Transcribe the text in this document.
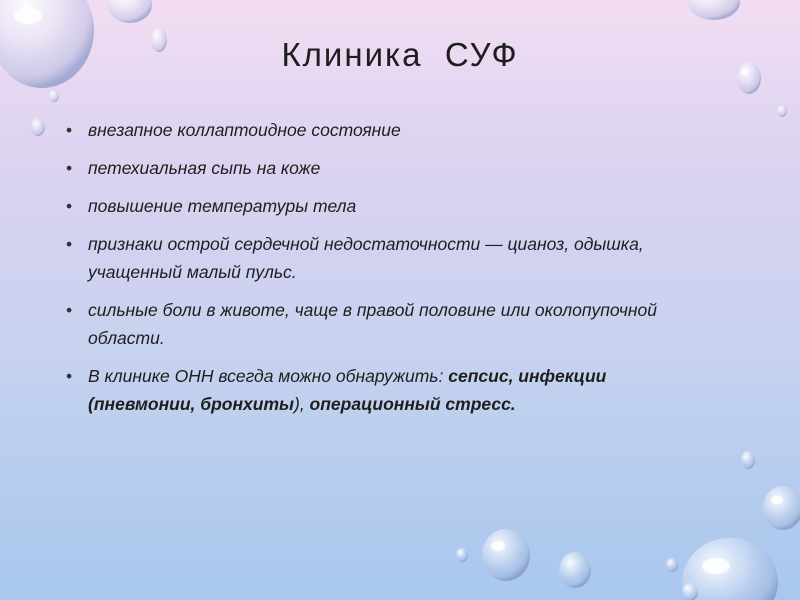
Клиника  СУФ
• внезапное коллаптоидное состояние
• петехиальная сыпь на коже
• повышение температуры тела
• признаки острой сердечной недостаточности — цианоз, одышка, учащенный малый пульс.
• сильные боли в животе, чаще в правой половине или околопупочной области.
• В клинике ОНН всегда можно обнаружить: сепсис, инфекции (пневмонии, бронхиты), операционный стресс.
